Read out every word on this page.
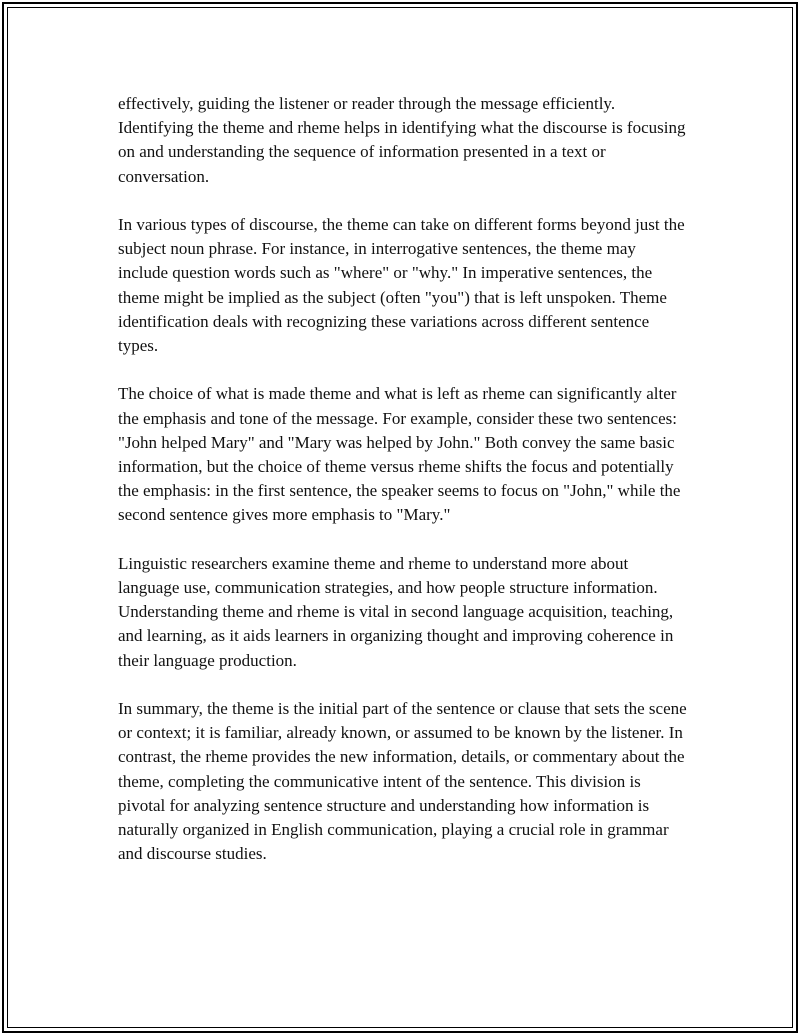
effectively, guiding the listener or reader through the message efficiently. Identifying the theme and rheme helps in identifying what the discourse is focusing on and understanding the sequence of information presented in a text or conversation.

In various types of discourse, the theme can take on different forms beyond just the subject noun phrase. For instance, in interrogative sentences, the theme may include question words such as "where" or "why." In imperative sentences, the theme might be implied as the subject (often "you") that is left unspoken. Theme identification deals with recognizing these variations across different sentence types.

The choice of what is made theme and what is left as rheme can significantly alter the emphasis and tone of the message. For example, consider these two sentences: "John helped Mary" and "Mary was helped by John." Both convey the same basic information, but the choice of theme versus rheme shifts the focus and potentially the emphasis: in the first sentence, the speaker seems to focus on "John," while the second sentence gives more emphasis to "Mary."

Linguistic researchers examine theme and rheme to understand more about language use, communication strategies, and how people structure information. Understanding theme and rheme is vital in second language acquisition, teaching, and learning, as it aids learners in organizing thought and improving coherence in their language production.

In summary, the theme is the initial part of the sentence or clause that sets the scene or context; it is familiar, already known, or assumed to be known by the listener. In contrast, the rheme provides the new information, details, or commentary about the theme, completing the communicative intent of the sentence. This division is pivotal for analyzing sentence structure and understanding how information is naturally organized in English communication, playing a crucial role in grammar and discourse studies.
